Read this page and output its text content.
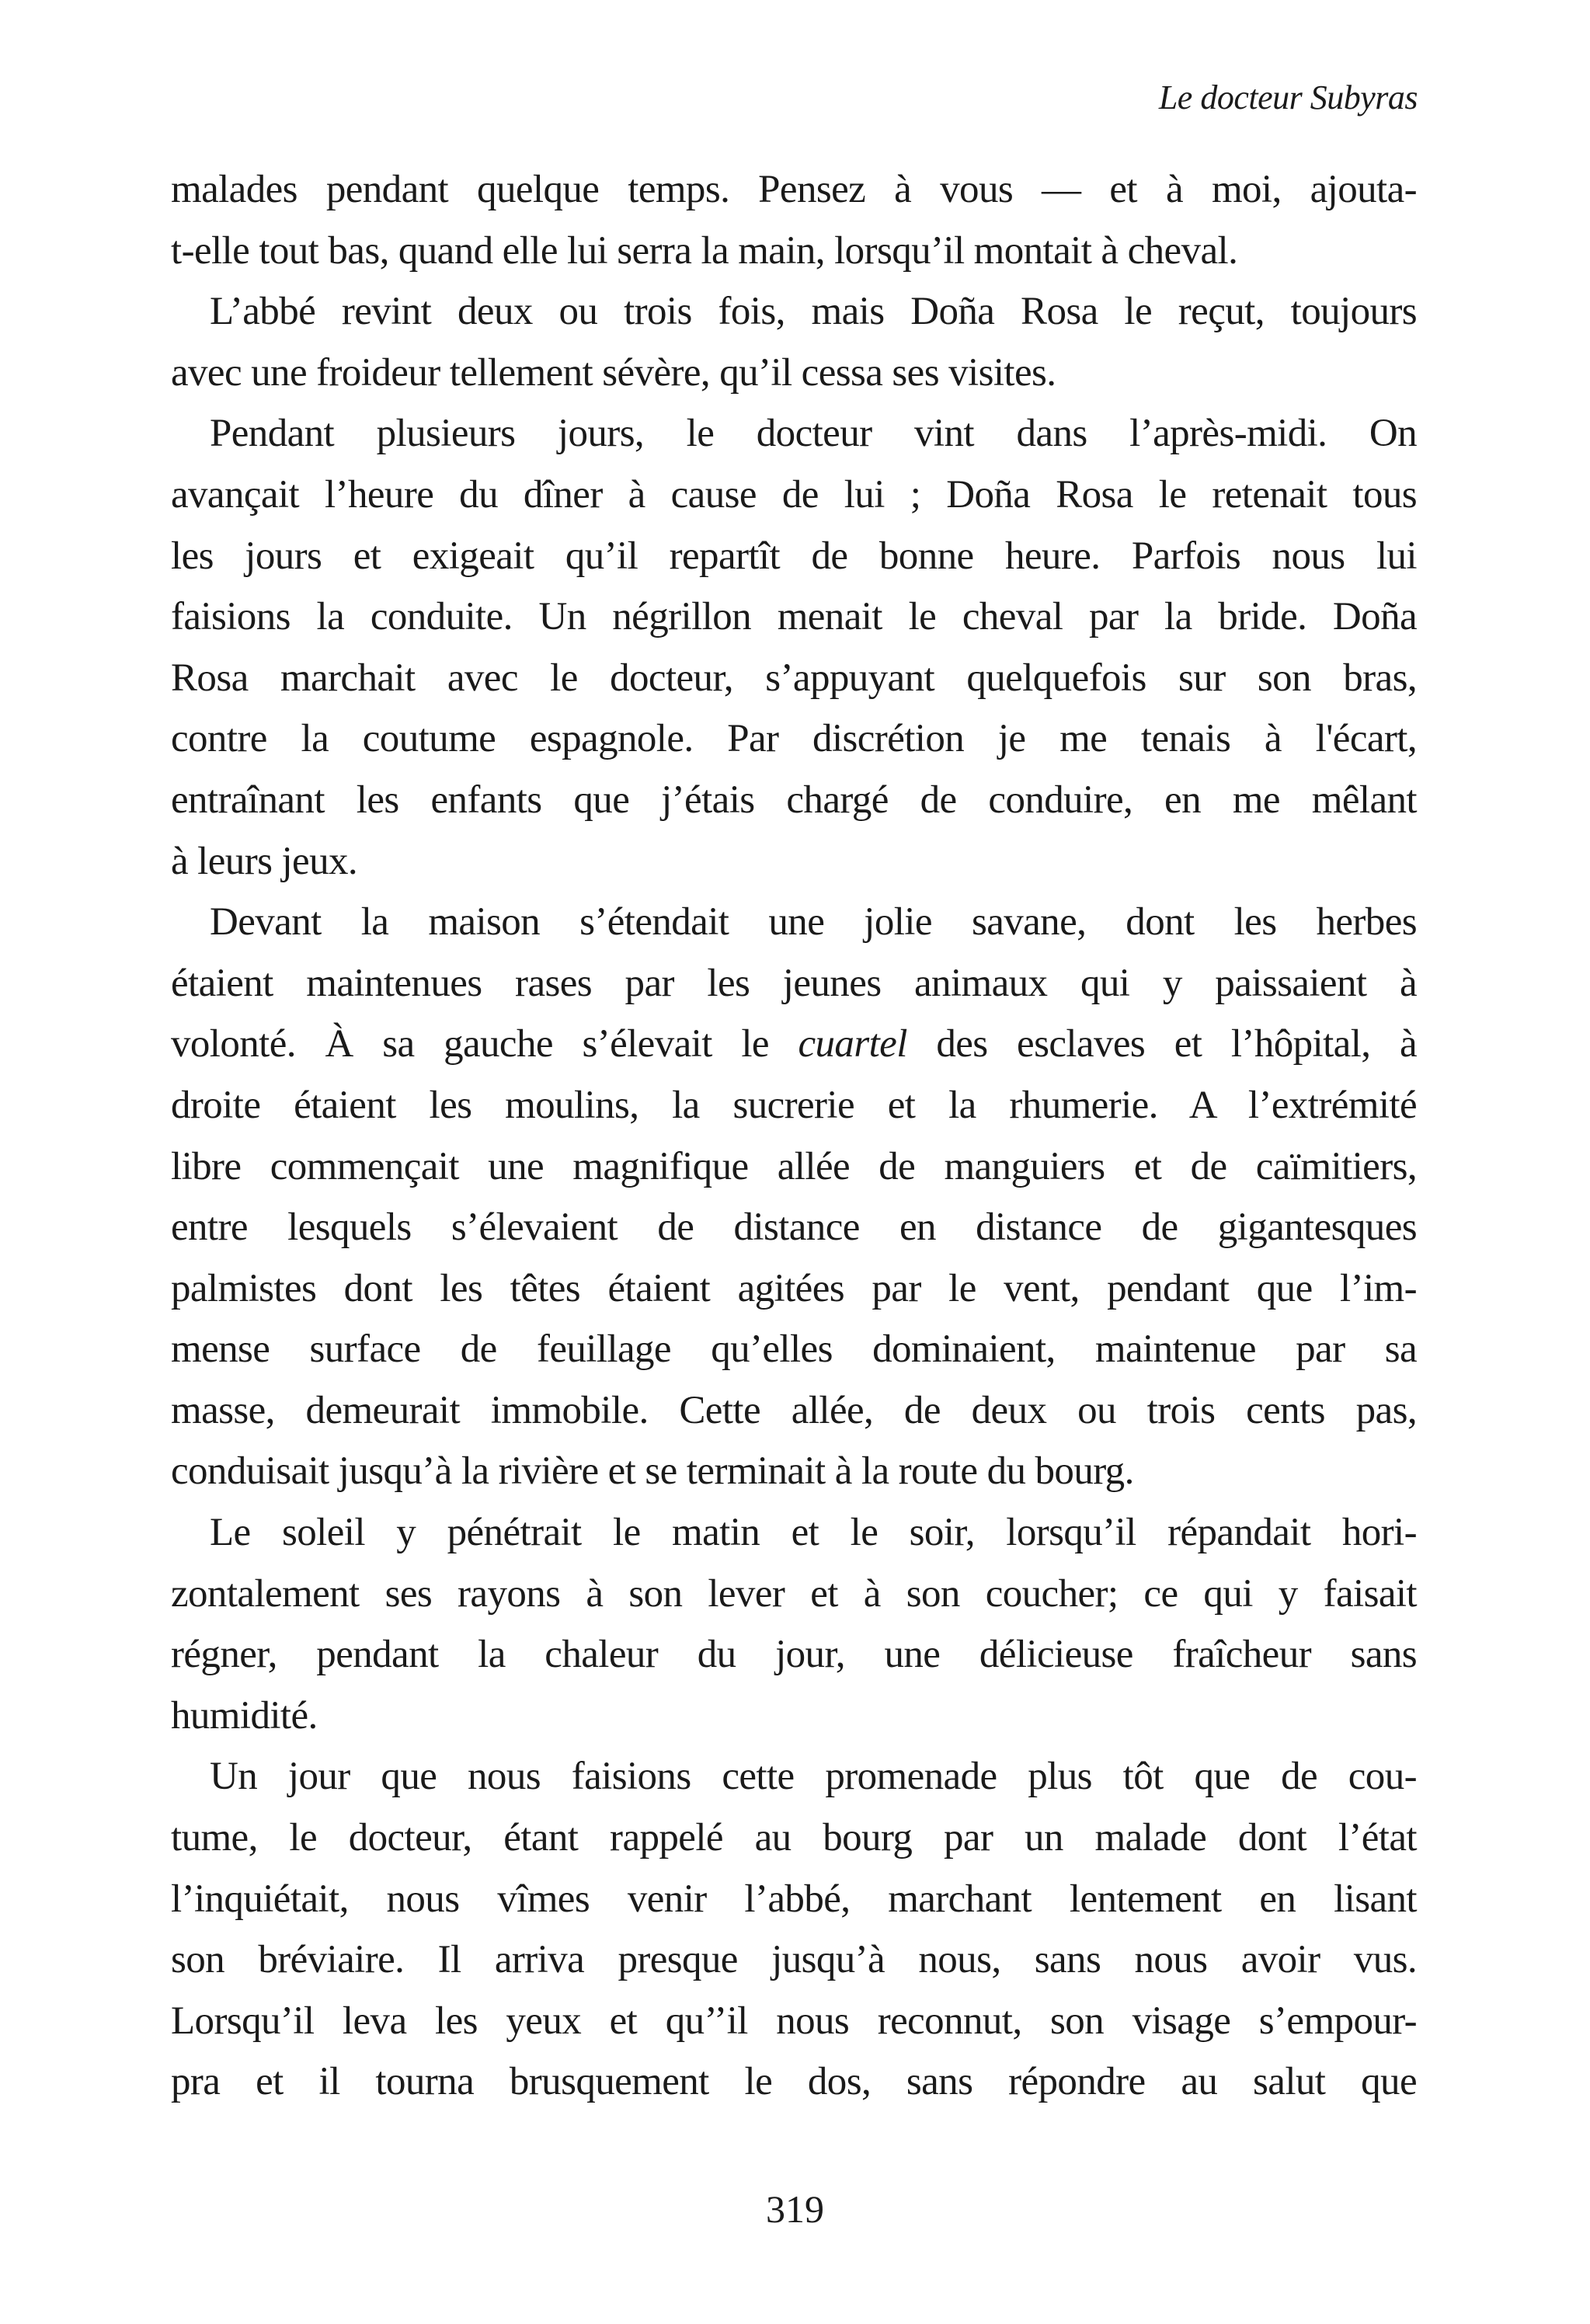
Le docteur Subyras
malades pendant quelque temps. Pensez à vous — et à moi, ajouta-
t-elle tout bas, quand elle lui serra la main, lorsqu’il montait à cheval.
L’abbé revint deux ou trois fois, mais Doña Rosa le reçut, toujours
avec une froideur tellement sévère, qu’il cessa ses visites.
Pendant plusieurs jours, le docteur vint dans l’après-midi. On
avançait l’heure du dîner à cause de lui ; Doña Rosa le retenait tous
les jours et exigeait qu’il repartît de bonne heure. Parfois nous lui
faisions la conduite. Un négrillon menait le cheval par la bride. Doña
Rosa marchait avec le docteur, s’appuyant quelquefois sur son bras,
contre la coutume espagnole. Par discrétion je me tenais à l'écart,
entraînant les enfants que j’étais chargé de conduire, en me mêlant
à leurs jeux.
Devant la maison s’étendait une jolie savane, dont les herbes
étaient maintenues rases par les jeunes animaux qui y paissaient à
volonté. À sa gauche s’élevait le cuartel des esclaves et l’hôpital, à
droite étaient les moulins, la sucrerie et la rhumerie. A l’extrémité
libre commençait une magnifique allée de manguiers et de caïmitiers,
entre lesquels s’élevaient de distance en distance de gigantesques
palmistes dont les têtes étaient agitées par le vent, pendant que l’im-
mense surface de feuillage qu’elles dominaient, maintenue par sa
masse, demeurait immobile. Cette allée, de deux ou trois cents pas,
conduisait jusqu’à la rivière et se terminait à la route du bourg.
Le soleil y pénétrait le matin et le soir, lorsqu’il répandait hori-
zontalement ses rayons à son lever et à son coucher; ce qui y faisait
régner, pendant la chaleur du jour, une délicieuse fraîcheur sans
humidité.
Un jour que nous faisions cette promenade plus tôt que de cou-
tume, le docteur, étant rappelé au bourg par un malade dont l’état
l’inquiétait, nous vîmes venir l’abbé, marchant lentement en lisant
son bréviaire. Il arriva presque jusqu’à nous, sans nous avoir vus.
Lorsqu’il leva les yeux et qu’’il nous reconnut, son visage s’empour-
pra et il tourna brusquement le dos, sans répondre au salut que
319
